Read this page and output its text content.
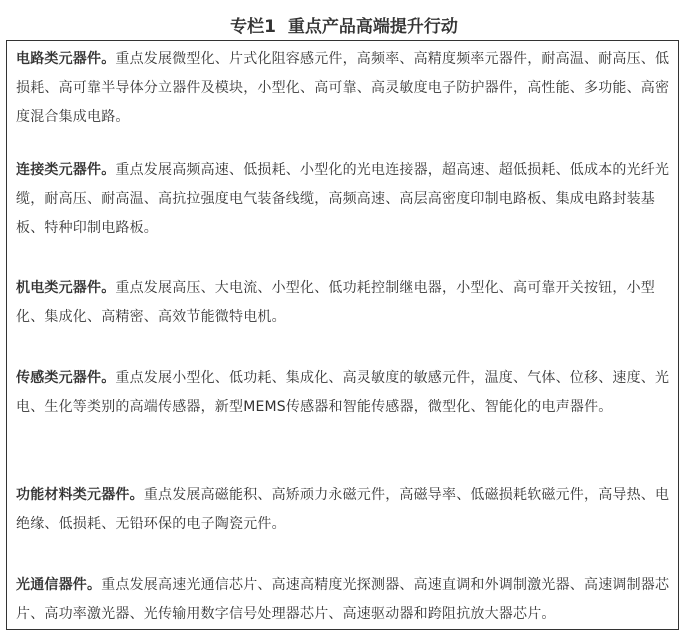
专栏1  重点产品高端提升行动
电路类元器件。重点发展微型化、片式化阻容感元件，高频率、高精度频率元器件，耐高温、耐高压、低损耗、高可靠半导体分立器件及模块，小型化、高可靠、高灵敏度电子防护器件，高性能、多功能、高密度混合集成电路。
连接类元器件。重点发展高频高速、低损耗、小型化的光电连接器，超高速、超低损耗、低成本的光纤光缆，耐高压、耐高温、高抗拉强度电气装备线缆，高频高速、高层高密度印制电路板、集成电路封装基板、特种印制电路板。
机电类元器件。重点发展高压、大电流、小型化、低功耗控制继电器，小型化、高可靠开关按钮，小型化、集成化、高精密、高效节能微特电机。
传感类元器件。重点发展小型化、低功耗、集成化、高灵敏度的敏感元件，温度、气体、位移、速度、光电、生化等类别的高端传感器，新型MEMS传感器和智能传感器，微型化、智能化的电声器件。
功能材料类元器件。重点发展高磁能积、高矫顽力永磁元件，高磁导率、低磁损耗软磁元件，高导热、电绝缘、低损耗、无铅环保的电子陶瓷元件。
光通信器件。重点发展高速光通信芯片、高速高精度光探测器、高速直调和外调制激光器、高速调制器芯片、高功率激光器、光传输用数字信号处理器芯片、高速驱动器和跨阻抗放大器芯片。
